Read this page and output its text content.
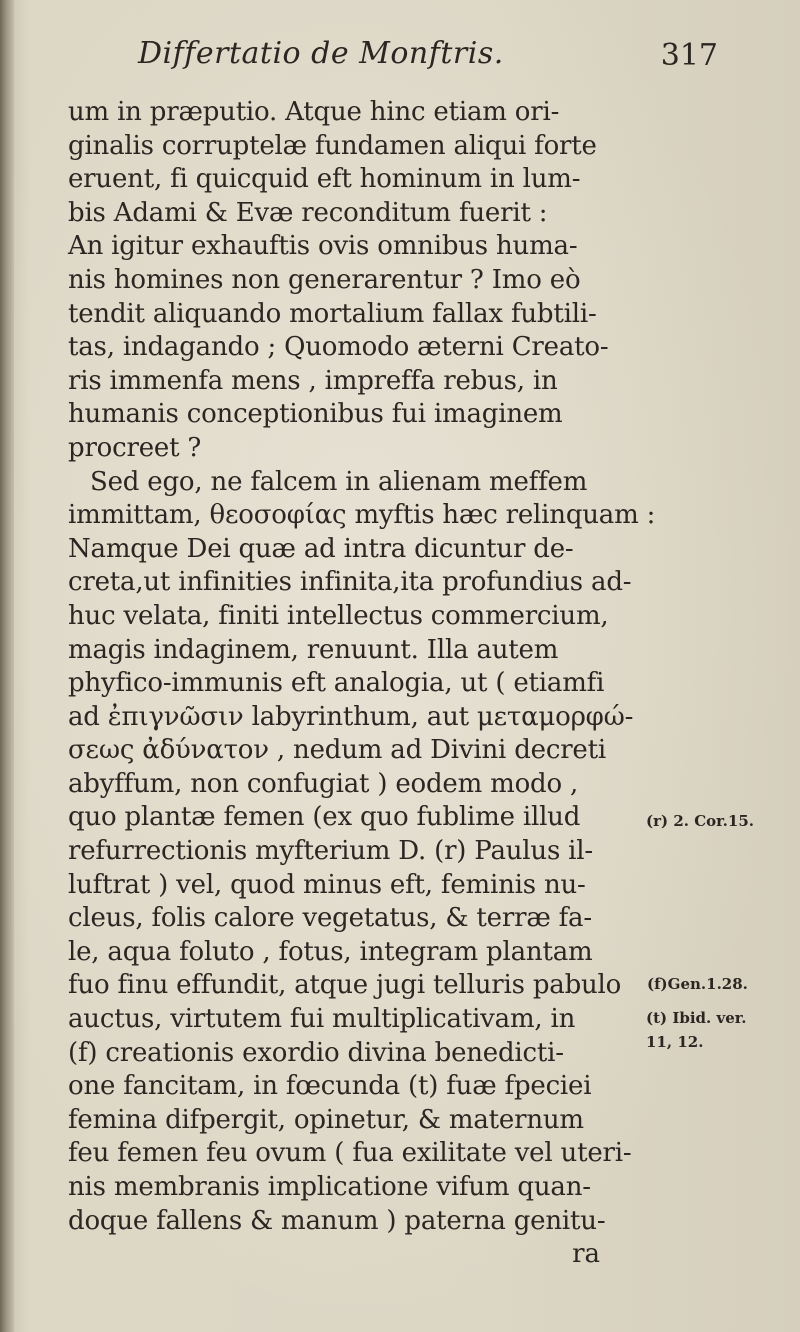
Differtatio de Monftris.	317
um in præputio. Atque hinc etiam ori-
ginalis corruptelæ fundamen aliqui forte
eruent, fi quicquid eft hominum in lum-
bis Adami & Evæ reconditum fuerit :
An igitur exhauftis ovis omnibus huma-
nis homines non generarentur ? Imo eò
tendit aliquando mortalium fallax fubtili-
tas, indagando ; Quomodo æterni Creato-
ris immenfa mens , impreffa rebus, in
humanis conceptionibus fui imaginem
procreet ?
Sed ego, ne falcem in alienam meffem
immittam, θεοσοφίας myftis hæc relinquam :
Namque Dei quæ ad intra dicuntur de-
creta,ut infinities infinita,ita profundius ad-
huc velata, finiti intellectus commercium,
magis indaginem, renuunt. Illa autem
phyfico-immunis eft analogia, ut ( etiamfi
ad ἐπιγνῶσιν labyrinthum, aut μεταμορφώ-
σεως ἀδύνατον , nedum ad Divini decreti
abyffum, non confugiat ) eodem modo ,
quo plantæ femen (ex quo fublime illud
refurrectionis myfterium D. (r) Paulus il-
luftrat ) vel, quod minus eft, feminis nu-
cleus, folis calore vegetatus, & terræ fa-
le, aqua foluto , fotus, integram plantam
fuo finu effundit, atque jugi telluris pabulo
auctus, virtutem fui multiplicativam, in
(f) creationis exordio divina benedicti-
one fancitam, in fœcunda (t) fuæ fpeciei
femina difpergit, opinetur, & maternum
feu femen feu ovum ( fua exilitate vel uteri-
nis membranis implicatione vifum quan-
doque fallens & manum ) paterna genitu-
ra
(r) 2. Cor.15.
(f)Gen.1.28.
(t) Ibid. ver.
11, 12.
